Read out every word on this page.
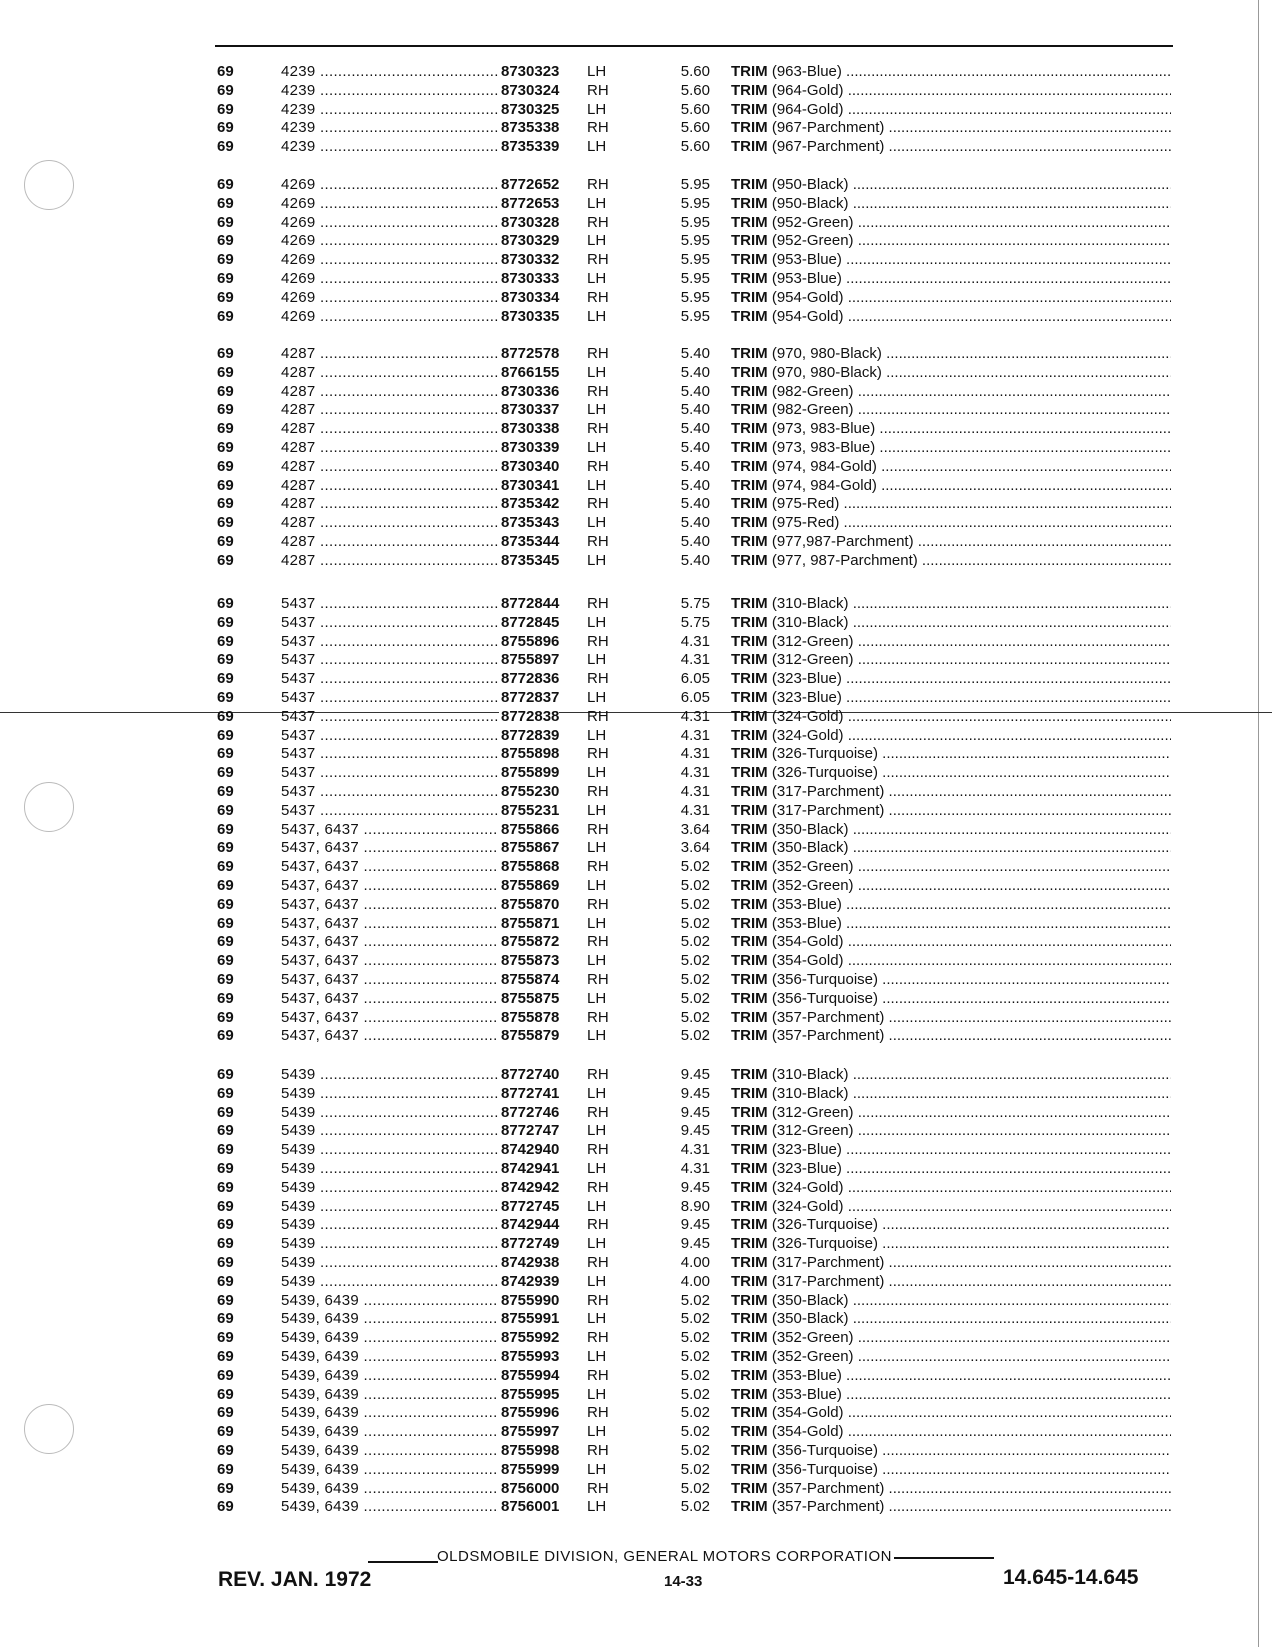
69	4239 .....	8730323 LH	5.60 TRIM (963-Blue) .....
69	4239 .....	8730324 RH	5.60 TRIM (964-Gold) .....
69	4239 .....	8730325 LH	5.60 TRIM (964-Gold) .....
69	4239 .....	8735338 RH	5.60 TRIM (967-Parchment) .....
69	4239 .....	8735339 LH	5.60 TRIM (967-Parchment) .....
69	4269 .....	8772652 RH	5.95 TRIM (950-Black) .....
69	4269 .....	8772653 LH	5.95 TRIM (950-Black) .....
69	4269 .....	8730328 RH	5.95 TRIM (952-Green) .....
69	4269 .....	8730329 LH	5.95 TRIM (952-Green) .....
69	4269 .....	8730332 RH	5.95 TRIM (953-Blue) .....
69	4269 .....	8730333 LH	5.95 TRIM (953-Blue) .....
69	4269 .....	8730334 RH	5.95 TRIM (954-Gold) .....
69	4269 .....	8730335 LH	5.95 TRIM (954-Gold) .....
69	4287 .....	8772578 RH	5.40 TRIM (970, 980-Black) .....
69	4287 .....	8766155 LH	5.40 TRIM (970, 980-Black) .....
69	4287 .....	8730336 RH	5.40 TRIM (982-Green) .....
69	4287 .....	8730337 LH	5.40 TRIM (982-Green) .....
69	4287 .....	8730338 RH	5.40 TRIM (973, 983-Blue) .....
69	4287 .....	8730339 LH	5.40 TRIM (973, 983-Blue) .....
69	4287 .....	8730340 RH	5.40 TRIM (974, 984-Gold) .....
69	4287 .....	8730341 LH	5.40 TRIM (974, 984-Gold) .....
69	4287 .....	8735342 RH	5.40 TRIM (975-Red) .....
69	4287 .....	8735343 LH	5.40 TRIM (975-Red) .....
69	4287 .....	8735344 RH	5.40 TRIM (977,987-Parchment) .....
69	4287 .....	8735345 LH	5.40 TRIM (977, 987-Parchment) .....
69	5437 .....	8772844 RH	5.75 TRIM (310-Black) .....
69	5437 .....	8772845 LH	5.75 TRIM (310-Black) .....
69	5437 .....	8755896 RH	4.31 TRIM (312-Green) .....
69	5437 .....	8755897 LH	4.31 TRIM (312-Green) .....
69	5437 .....	8772836 RH	6.05 TRIM (323-Blue) .....
69	5437 .....	8772837 LH	6.05 TRIM (323-Blue) .....
69	5437 .....	8772838 RH	4.31 TRIM (324-Gold) .....
69	5437 .....	8772839 LH	4.31 TRIM (324-Gold) .....
69	5437 .....	8755898 RH	4.31 TRIM (326-Turquoise) .....
69	5437 .....	8755899 LH	4.31 TRIM (326-Turquoise) .....
69	5437 .....	8755230 RH	4.31 TRIM (317-Parchment) .....
69	5437 .....	8755231 LH	4.31 TRIM (317-Parchment) .....
69	5437, 6437 .....	8755866 RH	3.64 TRIM (350-Black) .....
69	5437, 6437 .....	8755867 LH	3.64 TRIM (350-Black) .....
69	5437, 6437 .....	8755868 RH	5.02 TRIM (352-Green) .....
69	5437, 6437 .....	8755869 LH	5.02 TRIM (352-Green) .....
69	5437, 6437 .....	8755870 RH	5.02 TRIM (353-Blue) .....
69	5437, 6437 .....	8755871 LH	5.02 TRIM (353-Blue) .....
69	5437, 6437 .....	8755872 RH	5.02 TRIM (354-Gold) .....
69	5437, 6437 .....	8755873 LH	5.02 TRIM (354-Gold) .....
69	5437, 6437 .....	8755874 RH	5.02 TRIM (356-Turquoise) .....
69	5437, 6437 .....	8755875 LH	5.02 TRIM (356-Turquoise) .....
69	5437, 6437 .....	8755878 RH	5.02 TRIM (357-Parchment) .....
69	5437, 6437 .....	8755879 LH	5.02 TRIM (357-Parchment) .....
69	5439 .....	8772740 RH	9.45 TRIM (310-Black) .....
69	5439 .....	8772741 LH	9.45 TRIM (310-Black) .....
69	5439 .....	8772746 RH	9.45 TRIM (312-Green) .....
69	5439 .....	8772747 LH	9.45 TRIM (312-Green) .....
69	5439 .....	8742940 RH	4.31 TRIM (323-Blue) .....
69	5439 .....	8742941 LH	4.31 TRIM (323-Blue) .....
69	5439 .....	8742942 RH	9.45 TRIM (324-Gold) .....
69	5439 .....	8772745 LH	8.90 TRIM (324-Gold) .....
69	5439 .....	8742944 RH	9.45 TRIM (326-Turquoise) .....
69	5439 .....	8772749 LH	9.45 TRIM (326-Turquoise) .....
69	5439 .....	8742938 RH	4.00 TRIM (317-Parchment) .....
69	5439 .....	8742939 LH	4.00 TRIM (317-Parchment) .....
69	5439, 6439 .....	8755990 RH	5.02 TRIM (350-Black) .....
69	5439, 6439 .....	8755991 LH	5.02 TRIM (350-Black) .....
69	5439, 6439 .....	8755992 RH	5.02 TRIM (352-Green) .....
69	5439, 6439 .....	8755993 LH	5.02 TRIM (352-Green) .....
69	5439, 6439 .....	8755994 RH	5.02 TRIM (353-Blue) .....
69	5439, 6439 .....	8755995 LH	5.02 TRIM (353-Blue) .....
69	5439, 6439 .....	8755996 RH	5.02 TRIM (354-Gold) .....
69	5439, 6439 .....	8755997 LH	5.02 TRIM (354-Gold) .....
69	5439, 6439 .....	8755998 RH	5.02 TRIM (356-Turquoise) .....
69	5439, 6439 .....	8755999 LH	5.02 TRIM (356-Turquoise) .....
69	5439, 6439 .....	8756000 RH	5.02 TRIM (357-Parchment) .....
69	5439, 6439 .....	8756001 LH	5.02 TRIM (357-Parchment) .....
OLDSMOBILE DIVISION, GENERAL MOTORS CORPORATION
REV. JAN. 1972	14-33	14.645-14.645
